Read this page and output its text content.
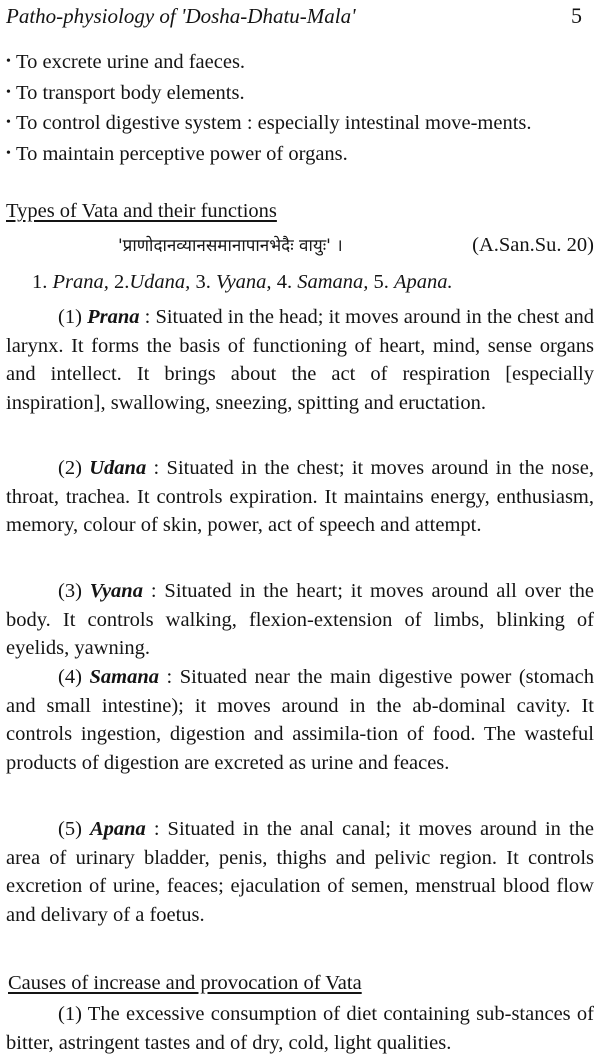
Patho-physiology of 'Dosha-Dhatu-Mala'	5
• To excrete urine and faeces.
• To transport body elements.
• To control digestive system : especially intestinal move-ments.
• To maintain perceptive power of organs.
Types of Vata and their functions
'प्राणोदानव्यानसमानापानभेदैः वायुः' ।	(A.San.Su. 20)
1. Prana, 2.Udana, 3. Vyana, 4. Samana, 5. Apana.

(1) Prana : Situated in the head; it moves around in the chest and larynx. It forms the basis of functioning of heart, mind, sense organs and intellect. It brings about the act of respiration [especially inspiration], swallowing, sneezing, spitting and eructation.

(2) Udana : Situated in the chest; it moves around in the nose, throat, trachea. It controls expiration. It maintains energy, enthusiasm, memory, colour of skin, power, act of speech and attempt.

(3) Vyana : Situated in the heart; it moves around all over the body. It controls walking, flexion-extension of limbs, blinking of eyelids, yawning.

(4) Samana : Situated near the main digestive power (stomach and small intestine); it moves around in the ab-dominal cavity. It controls ingestion, digestion and assimila-tion of food. The wasteful products of digestion are excreted as urine and feaces.

(5) Apana : Situated in the anal canal; it moves around in the area of urinary bladder, penis, thighs and pelivic region. It controls excretion of urine, feaces; ejaculation of semen, menstrual blood flow and delivary of a foetus.

Causes of increase and provocation of Vata

(1) The excessive consumption of diet containing sub-stances of bitter, astringent tastes and of dry, cold, light qualities.
